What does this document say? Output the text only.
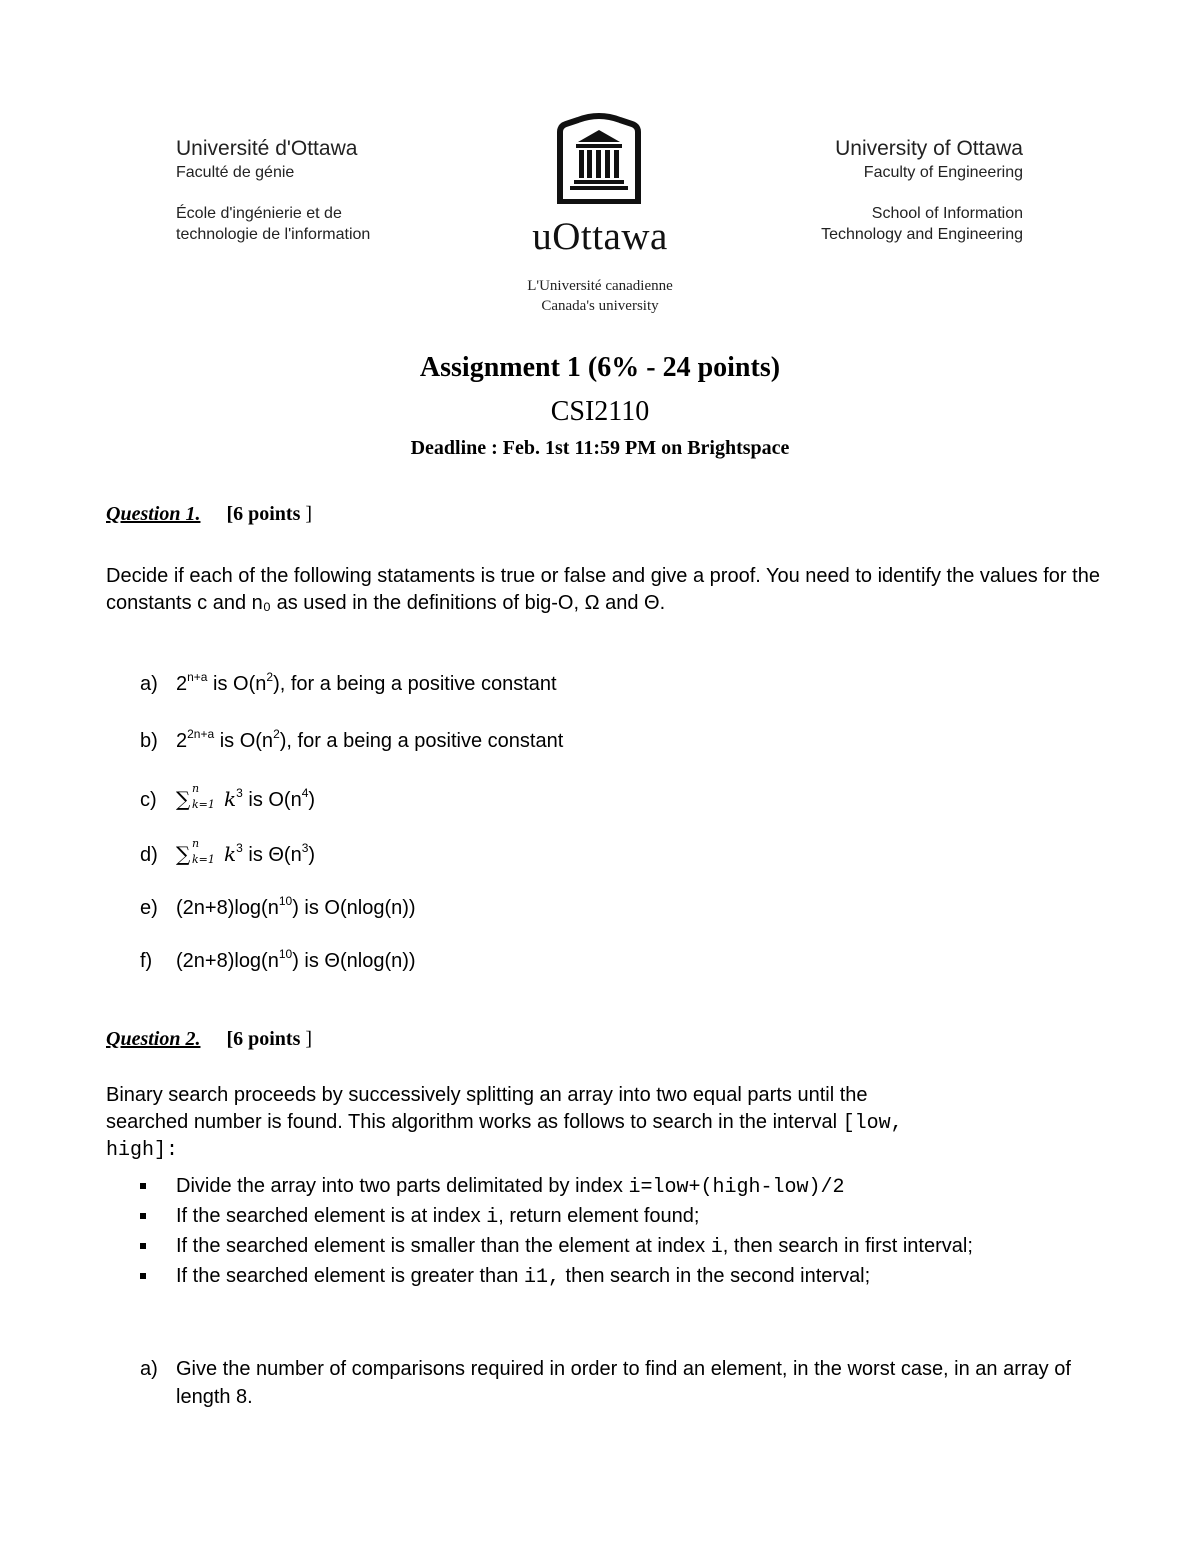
Université d'Ottawa
Faculté de génie
École d'ingénierie et de
technologie de l'information	uOttawa
L'Université canadienne
Canada's university
University of Ottawa
Faculty of Engineering
School of Information
Technology and Engineering
Assignment 1 (6% - 24 points)
CSI2110
Deadline : Feb. 1st 11:59 PM on Brightspace
Question 1. [6 points ]
Decide if each of the following stataments is true or false and give a proof. You need to identify the values for the constants c and n₀ as used in the definitions of big-O, Ω and Θ.
a) $2^{n+a}$ is $O(n^2)$, for a being a positive constant
b) $2^{2n+a}$ is $O(n^2)$, for a being a positive constant
c) ∑ n
k=1 $k^3$ is $O(n^4)$
d) ∑ n
k=1 $k^3$ is $\Theta(n^3)$
e) $(2n+8)\log(n^{10})$ is O(nlog(n))
f) $(2n+8)\log(n^{10})$ is Θ(nlog(n))
Question 2. [6 points ]
Binary search proceeds by successively splitting an array into two equal parts until the
searched number is found. This algorithm works as follows to search in the interval [low,
high]:
Divide the array into two parts delimitated by index i=low+(high-low)/2
If the searched element is at index i, return element found;
If the searched element is smaller than the element at index i, then search in first interval;
If the searched element is greater than i1, then search in the second interval;
a) Give the number of comparisons required in order to find an element, in the worst case, in an array of length 8.
